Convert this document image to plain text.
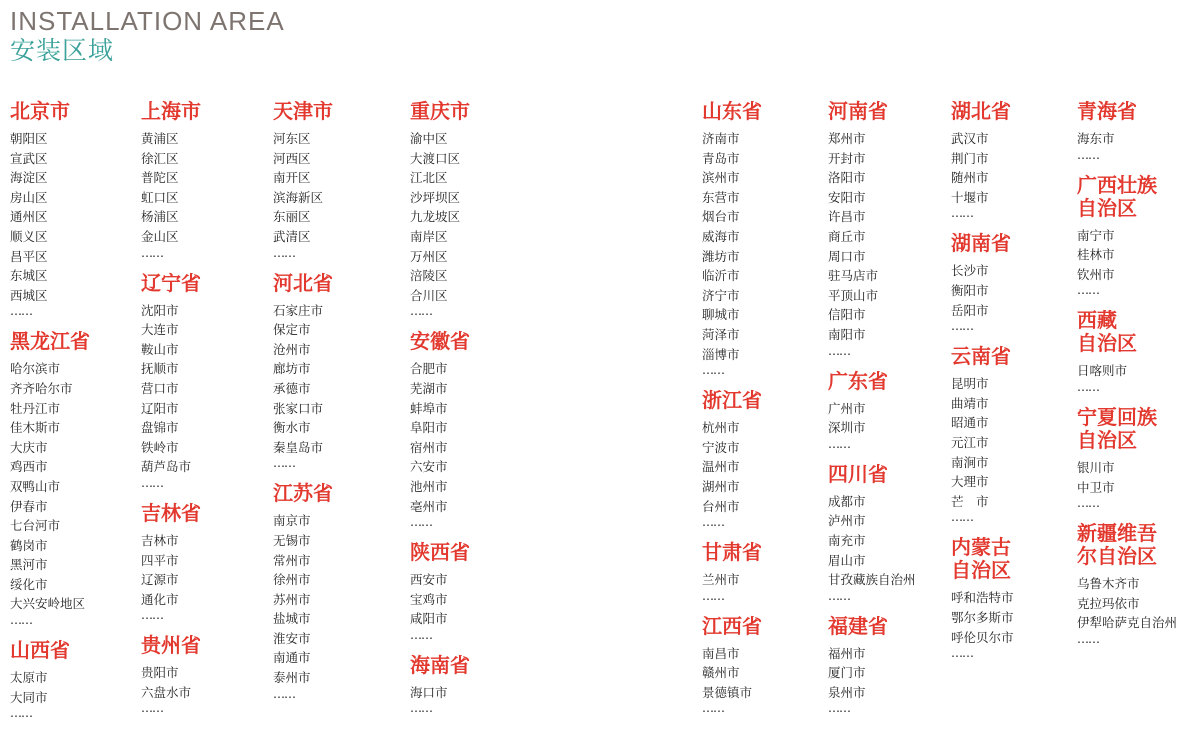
INSTALLATION AREA
安装区域
北京市
朝阳区
宣武区
海淀区
房山区
通州区
顺义区
昌平区
东城区
西城区
……
黑龙江省
哈尔滨市
齐齐哈尔市
牡丹江市
佳木斯市
大庆市
鸡西市
双鸭山市
伊春市
七台河市
鹤岗市
黑河市
绥化市
大兴安岭地区
……
山西省
太原市
大同市
……
上海市
黄浦区
徐汇区
普陀区
虹口区
杨浦区
金山区
……
辽宁省
沈阳市
大连市
鞍山市
抚顺市
营口市
辽阳市
盘锦市
铁岭市
葫芦岛市
……
吉林省
吉林市
四平市
辽源市
通化市
……
贵州省
贵阳市
六盘水市
……
天津市
河东区
河西区
南开区
滨海新区
东丽区
武清区
……
河北省
石家庄市
保定市
沧州市
廊坊市
承德市
张家口市
衡水市
秦皇岛市
……
江苏省
南京市
无锡市
常州市
徐州市
苏州市
盐城市
淮安市
南通市
泰州市
……
重庆市
渝中区
大渡口区
江北区
沙坪坝区
九龙坡区
南岸区
万州区
涪陵区
合川区
……
安徽省
合肥市
芜湖市
蚌埠市
阜阳市
宿州市
六安市
池州市
亳州市
……
陕西省
西安市
宝鸡市
咸阳市
……
海南省
海口市
……
山东省
济南市
青岛市
滨州市
东营市
烟台市
威海市
潍坊市
临沂市
济宁市
聊城市
菏泽市
淄博市
……
浙江省
杭州市
宁波市
温州市
湖州市
台州市
……
甘肃省
兰州市
……
江西省
南昌市
赣州市
景德镇市
……
河南省
郑州市
开封市
洛阳市
安阳市
许昌市
商丘市
周口市
驻马店市
平顶山市
信阳市
南阳市
……
广东省
广州市
深圳市
……
四川省
成都市
泸州市
南充市
眉山市
甘孜藏族自治州
……
福建省
福州市
厦门市
泉州市
……
湖北省
武汉市
荆门市
随州市
十堰市
……
湖南省
长沙市
衡阳市
岳阳市
……
云南省
昆明市
曲靖市
昭通市
元江市
南涧市
大理市
芒　市
……
内蒙古
自治区
呼和浩特市
鄂尔多斯市
呼伦贝尔市
……
青海省
海东市
……
广西壮族
自治区
南宁市
桂林市
钦州市
……
西藏
自治区
日喀则市
……
宁夏回族
自治区
银川市
中卫市
……
新疆维吾
尔自治区
乌鲁木齐市
克拉玛依市
伊犁哈萨克自治州
……
